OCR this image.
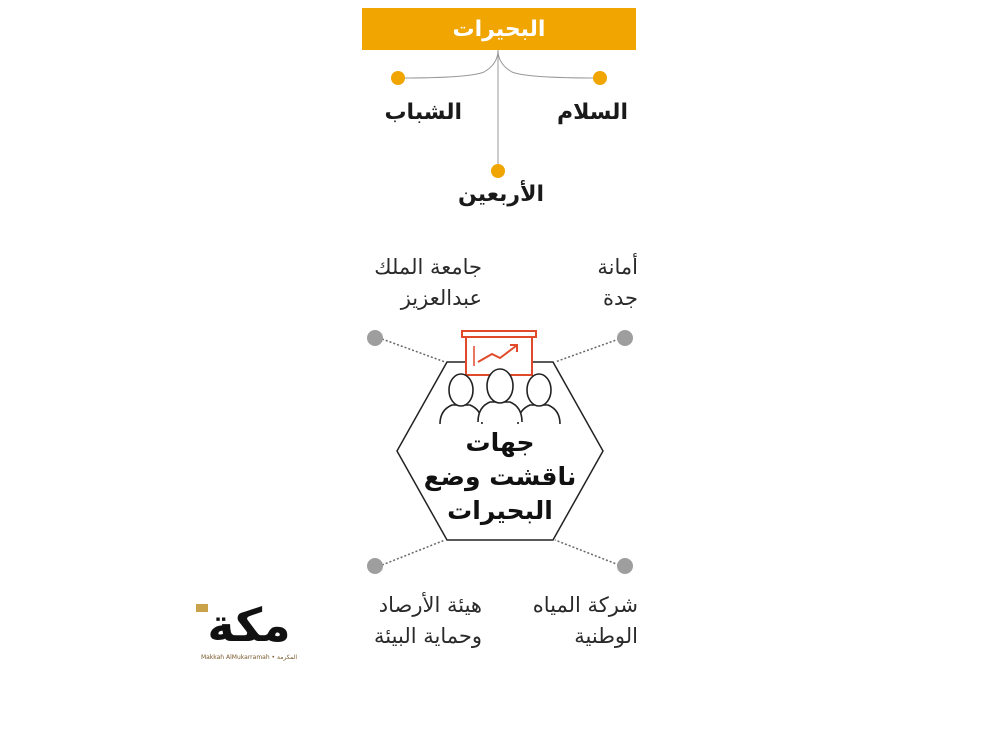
البحيرات
السلام
الشباب
الأربعين
أمانة
جدة
جامعة الملك
عبدالعزيز
شركة المياه
الوطنية
هيئة الأرصاد
وحماية البيئة
جهات
ناقشت وضع
البحيرات
مكة
Makkah AlMukarramah • المكرمة
